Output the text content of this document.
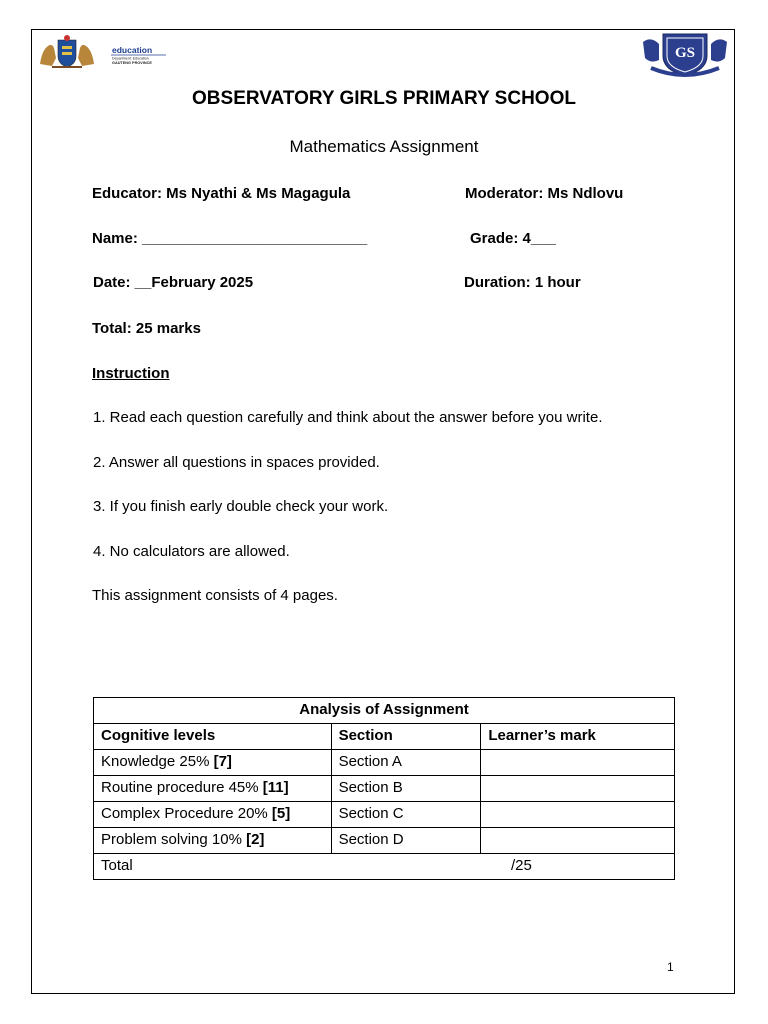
education
Department: Education
GAUTENG PROVINCE
GS
OBSERVATORY GIRLS PRIMARY SCHOOL
Mathematics Assignment
Educator: Ms Nyathi & Ms Magagula	Moderator: Ms Ndlovu
Name: ___________________________	Grade: 4___
Date: __February 2025	Duration: 1 hour
Total: 25 marks
Instruction
1. Read each question carefully and think about the answer before you write.
2. Answer all questions in spaces provided.
3. If you finish early double check your work.
4. No calculators are allowed.
This assignment consists of 4 pages.
Analysis of Assignment		
Cognitive levels	Section	Learner’s mark
Knowledge 25% [7]	Section A	
Routine procedure 45% [11]	Section B	
Complex Procedure 20% [5]	Section C	
Problem solving 10% [2]	Section D	
Total /25		
1
